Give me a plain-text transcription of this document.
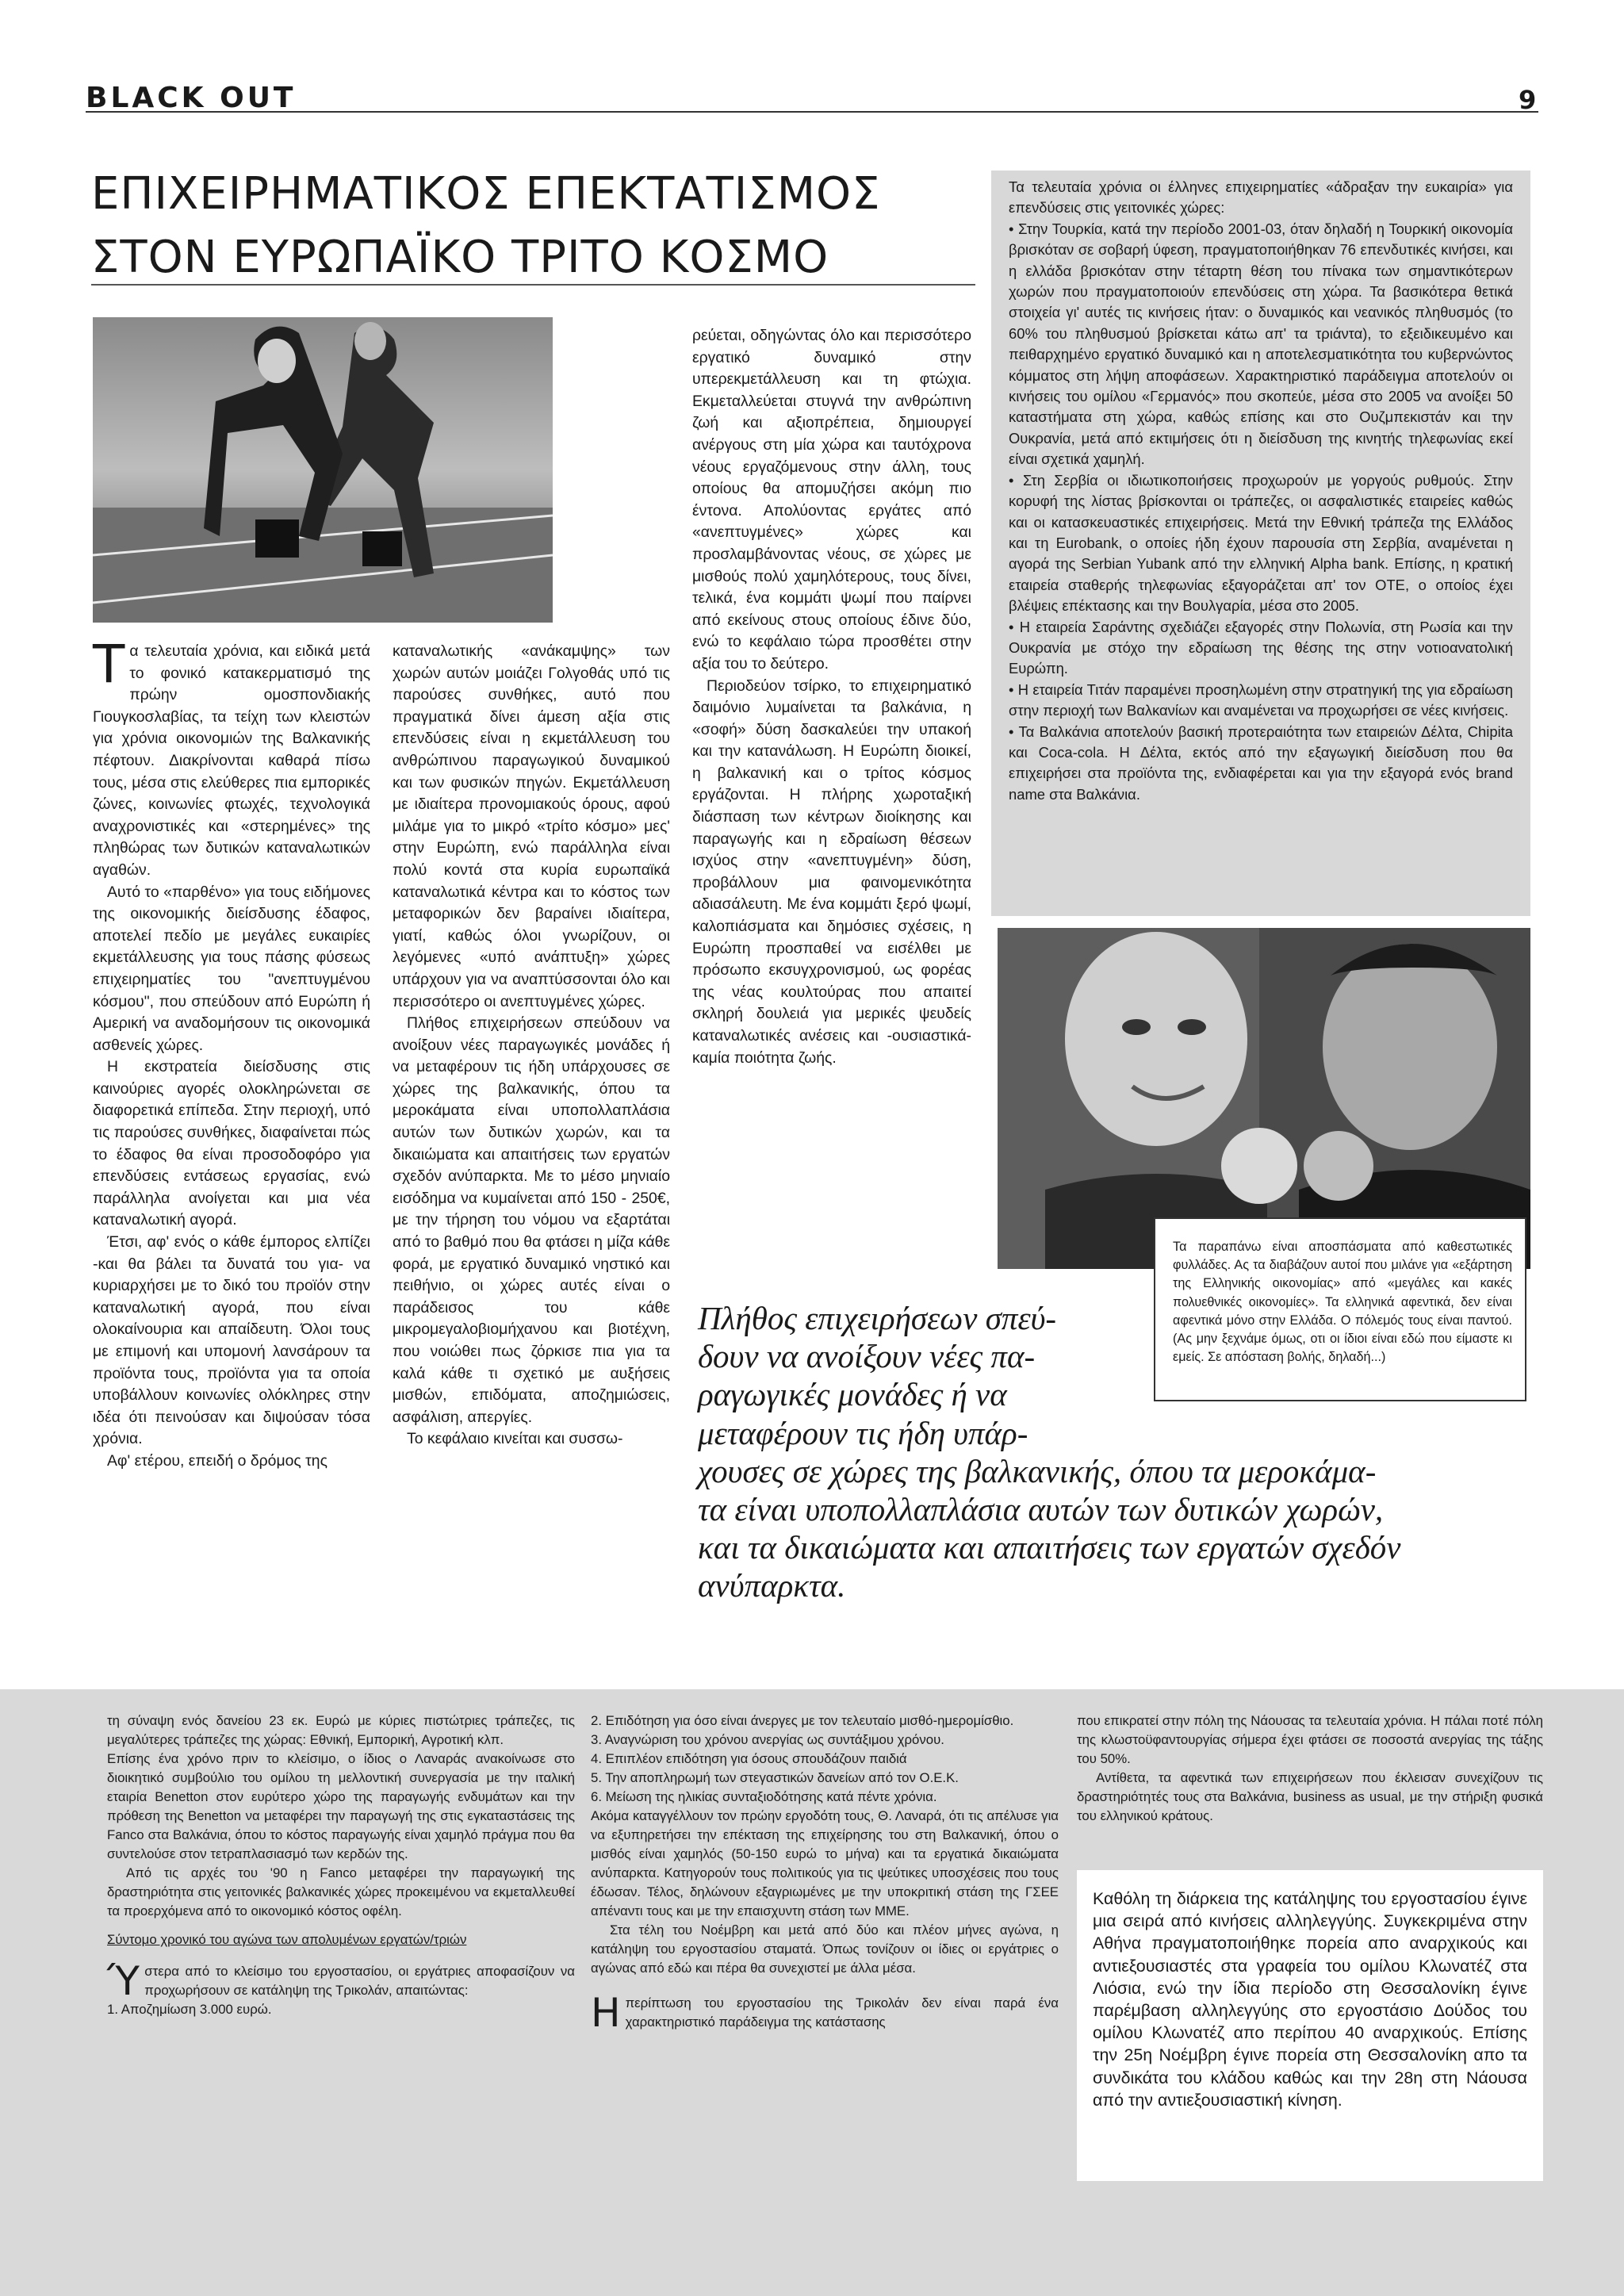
BLACK OUT	9
ΕΠΙΧΕΙΡΗΜΑΤΙΚΟΣ ΕΠΕΚΤΑΤΙΣΜΟΣ
ΣΤΟΝ ΕΥΡΩΠΑΪΚΟ ΤΡΙΤΟ ΚΟΣΜΟ

Τα τελευταία χρόνια, και ειδικά μετά το φονικό κατακερματισμό της πρώην ομοσπονδιακής Γιουγκοσλαβίας, τα τείχη των κλειστών για χρόνια οικονομιών της Βαλκανικής πέφτουν. Διακρίνονται καθαρά πίσω τους, μέσα στις ελεύθερες πια εμπορικές ζώνες, κοινωνίες φτωχές, τεχνολογικά αναχρονιστικές και «στερημένες» της πληθώρας των δυτικών καταναλωτικών αγαθών.

Αυτό το «παρθένο» για τους ειδήμονες της οικονομικής διείσδυσης έδαφος, αποτελεί πεδίο με μεγάλες ευκαιρίες εκμετάλλευσης για τους πάσης φύσεως επιχειρηματίες του "ανεπτυγμένου κόσμου", που σπεύδουν από Ευρώπη ή Αμερική να αναδομήσουν τις οικονομικά ασθενείς χώρες.

Η εκστρατεία διείσδυσης στις καινούριες αγορές ολοκληρώνεται σε διαφορετικά επίπεδα. Στην περιοχή, υπό τις παρούσες συνθήκες, διαφαίνεται πώς το έδαφος θα είναι προσοδοφόρο για επενδύσεις εντάσεως εργασίας, ενώ παράλληλα ανοίγεται και μια νέα καταναλωτική αγορά.

Έτσι, αφ' ενός ο κάθε έμπορος ελπίζει -και θα βάλει τα δυνατά του για- να κυριαρχήσει με το δικό του προϊόν στην καταναλωτική αγορά, που είναι ολοκαίνουρια και απαίδευτη. Όλοι τους με επιμονή και υπομονή λανσάρουν τα προϊόντα τους, προϊόντα για τα οποία υποβάλλουν κοινωνίες ολόκληρες στην ιδέα ότι πεινούσαν και διψούσαν τόσα χρόνια.

Αφ' ετέρου, επειδή ο δρόμος της

καταναλωτικής «ανάκαμψης» των χωρών αυτών μοιάζει Γολγοθάς υπό τις παρούσες συνθήκες, αυτό που πραγματικά δίνει άμεση αξία στις επενδύσεις είναι η εκμετάλλευση του ανθρώπινου παραγωγικού δυναμικού και των φυσικών πηγών. Εκμετάλλευση με ιδιαίτερα προνομιακούς όρους, αφού μιλάμε για το μικρό «τρίτο κόσμο» μες' στην Ευρώπη, ενώ παράλληλα είναι πολύ κοντά στα κυρία ευρωπαϊκά καταναλωτικά κέντρα και το κόστος των μεταφορικών δεν βαραίνει ιδιαίτερα, γιατί, καθώς όλοι γνωρίζουν, οι λεγόμενες «υπό ανάπτυξη» χώρες υπάρχουν για να αναπτύσσονται όλο και περισσότερο οι ανεπτυγμένες χώρες.

Πλήθος επιχειρήσεων σπεύδουν να ανοίξουν νέες παραγωγικές μονάδες ή να μεταφέρουν τις ήδη υπάρχουσες σε χώρες της βαλκανικής, όπου τα μεροκάματα είναι υποπολλαπλάσια αυτών των δυτικών χωρών, και τα δικαιώματα και απαιτήσεις των εργατών σχεδόν ανύπαρκτα. Με το μέσο μηνιαίο εισόδημα να κυμαίνεται από 150 - 250€, με την τήρηση του νόμου να εξαρτάται από το βαθμό που θα φτάσει η μίζα κάθε φορά, με εργατικό δυναμικό νηστικό και πειθήνιο, οι χώρες αυτές είναι ο παράδεισος του κάθε μικρομεγαλοβιομήχανου και βιοτέχνη, που νοιώθει πως ζόρκισε πια για τα καλά κάθε τι σχετικό με αυξήσεις μισθών, επιδόματα, αποζημιώσεις, ασφάλιση, απεργίες.

Το κεφάλαιο κινείται και συσσω-

ρεύεται, οδηγώντας όλο και περισσότερο εργατικό δυναμικό στην υπερεκμετάλλευση και τη φτώχια. Εκμεταλλεύεται στυγνά την ανθρώπινη ζωή και αξιοπρέπεια, δημιουργεί ανέργους στη μία χώρα και ταυτόχρονα νέους εργαζόμενους στην άλλη, τους οποίους θα απομυζήσει ακόμη πιο έντονα. Απολύοντας εργάτες από «ανεπτυγμένες» χώρες και προσλαμβάνοντας νέους, σε χώρες με μισθούς πολύ χαμηλότερους, τους δίνει, τελικά, ένα κομμάτι ψωμί που παίρνει από εκείνους στους οποίους έδινε δύο, ενώ το κεφάλαιο τώρα προσθέτει στην αξία του το δεύτερο.

Περιοδεύον τσίρκο, το επιχειρηματικό δαιμόνιο λυμαίνεται τα βαλκάνια, η «σοφή» δύση δασκαλεύει την υπακοή και την κατανάλωση. Η Ευρώπη διοικεί, η βαλκανική και ο τρίτος κόσμος εργάζονται. Η πλήρης χωροταξική διάσπαση των κέντρων διοίκησης και παραγωγής και η εδραίωση θέσεων ισχύος στην «ανεπτυγμένη» δύση, προβάλλουν μια φαινομενικότητα αδιασάλευτη. Με ένα κομμάτι ξερό ψωμί, καλοπιάσματα και δημόσιες σχέσεις, η Ευρώπη προσπαθεί να εισέλθει με πρόσωπο εκσυγχρονισμού, ως φορέας της νέας κουλτούρας που απαιτεί σκληρή δουλειά για μερικές ψευδείς καταναλωτικές ανέσεις και -ουσιαστικά- καμία ποιότητα ζωής.

Τα τελευταία χρόνια οι έλληνες επιχειρηματίες «άδραξαν την ευκαιρία» για επενδύσεις στις γειτονικές χώρες:

• Στην Τουρκία, κατά την περίοδο 2001-03, όταν δηλαδή η Τουρκική οικονομία βρισκόταν σε σοβαρή ύφεση, πραγματοποιήθηκαν 76 επενδυτικές κινήσει, και η ελλάδα βρισκόταν στην τέταρτη θέση του πίνακα των σημαντικότερων χωρών που πραγματοποιούν επενδύσεις στη χώρα. Τα βασικότερα θετικά στοιχεία γι' αυτές τις κινήσεις ήταν: ο δυναμικός και νεανικός πληθυσμός (το 60% του πληθυσμού βρίσκεται κάτω απ' τα τριάντα), το εξειδικευμένο και πειθαρχημένο εργατικό δυναμικό και η αποτελεσματικότητα του κυβερνώντος κόμματος στη λήψη αποφάσεων. Χαρακτηριστικό παράδειγμα αποτελούν οι κινήσεις του ομίλου «Γερμανός» που σκοπεύε, μέσα στο 2005 να ανοίξει 50 καταστήματα στη χώρα, καθώς επίσης και στο Ουζμπεκιστάν και την Ουκρανία, μετά από εκτιμήσεις ότι η διείσδυση της κινητής τηλεφωνίας εκεί είναι σχετικά χαμηλή.

• Στη Σερβία οι ιδιωτικοποιήσεις προχωρούν με γοργούς ρυθμούς. Στην κορυφή της λίστας βρίσκονται οι τράπεζες, οι ασφαλιστικές εταιρείες καθώς και οι κατασκευαστικές επιχειρήσεις. Μετά την Εθνική τράπεζα της Ελλάδος και τη Eurobank, ο οποίες ήδη έχουν παρουσία στη Σερβία, αναμένεται η αγορά της Serbian Yubank από την ελληνική Alpha bank. Επίσης, η κρατική εταιρεία σταθερής τηλεφωνίας εξαγοράζεται απ' τον ΟΤΕ, ο οποίος έχει βλέψεις επέκτασης και την Βουλγαρία, μέσα στο 2005.

• Η εταιρεία Σαράντης σχεδιάζει εξαγορές στην Πολωνία, στη Ρωσία και την Ουκρανία με στόχο την εδραίωση της θέσης της στην νοτιοανατολική Ευρώπη.

• Η εταιρεία Τιτάν παραμένει προσηλωμένη στην στρατηγική της για εδραίωση στην περιοχή των Βαλκανίων και αναμένεται να προχωρήσει σε νέες κινήσεις.

• Τα Βαλκάνια αποτελούν βασική προτεραιότητα των εταιρειών Δέλτα, Chipita και Coca-cola. Η Δέλτα, εκτός από την εξαγωγική διείσδυση που θα επιχειρήσει στα προϊόντα της, ενδιαφέρεται και για την εξαγορά ενός brand name στα Βαλκάνια.

Τα παραπάνω είναι αποσπάσματα από καθεστωτικές φυλλάδες. Ας τα διαβάζουν αυτοί που μιλάνε για «εξάρτηση της Ελληνικής οικονομίας» από «μεγάλες και κακές πολυεθνικές οικονομίες». Τα ελληνικά αφεντικά, δεν είναι αφεντικά μόνο στην Ελλάδα. Ο πόλεμός τους είναι παντού. (Ας μην ξεχνάμε όμως, οτι οι ίδιοι είναι εδώ που είμαστε κι εμείς. Σε απόσταση βολής, δηλαδή...)
Πλήθος επιχειρήσεων σπεύ-
δουν να ανοίξουν νέες πα-
ραγωγικές μονάδες ή να
μεταφέρουν τις ήδη υπάρ-
χουσες σε χώρες της βαλκανικής, όπου τα μεροκάμα-
τα είναι υποπολλαπλάσια αυτών των δυτικών χωρών,
και τα δικαιώματα και απαιτήσεις των εργατών σχεδόν
ανύπαρκτα.

τη σύναψη ενός δανείου 23 εκ. Ευρώ με κύριες πιστώτριες τράπεζες, τις μεγαλύτερες τράπεζες της χώρας: Εθνική, Εμπορική, Αγροτική κλπ.

Επίσης ένα χρόνο πριν το κλείσιμο, ο ίδιος ο Λαναράς ανακοίνωσε στο διοικητικό συμβούλιο του ομίλου τη μελλοντική συνεργασία με την ιταλική εταιρία Benetton στον ευρύτερο χώρο της παραγωγής ενδυμάτων και την πρόθεση της Benetton να μεταφέρει την παραγωγή της στις εγκαταστάσεις της Fanco στα Βαλκάνια, όπου το κόστος παραγωγής είναι χαμηλό πράγμα που θα συντελούσε στον τετραπλασιασμό των κερδών της.

Από τις αρχές του '90 η Fanco μεταφέρει την παραγωγική της δραστηριότητα στις γειτονικές βαλκανικές χώρες προκειμένου να εκμεταλλευθεί τα προερχόμενα από το οικονομικό κόστος οφέλη.

Σύντομο χρονικό του αγώνα των απολυμένων εργατών/τριών

Ύστερα από το κλείσιμο του εργοστασίου, οι εργάτριες αποφασίζουν να προχωρήσουν σε κατάληψη της Τρικολάν, απαιτώντας:

1. Αποζημίωση 3.000 ευρώ.

2. Επιδότηση για όσο είναι άνεργες με τον τελευταίο μισθό-ημερομίσθιο.

3. Αναγνώριση του χρόνου ανεργίας ως συντάξιμου χρόνου.

4. Επιπλέον επιδότηση για όσους σπουδάζουν παιδιά

5. Την αποπληρωμή των στεγαστικών δανείων από τον Ο.Ε.Κ.

6. Μείωση της ηλικίας συνταξιοδότησης κατά πέντε χρόνια.

Ακόμα καταγγέλλουν τον πρώην εργοδότη τους, Θ. Λαναρά, ότι τις απέλυσε για να εξυπηρετήσει την επέκταση της επιχείρησης του στη Βαλκανική, όπου ο μισθός είναι χαμηλός (50-150 ευρώ το μήνα) και τα εργατικά δικαιώματα ανύπαρκτα. Κατηγορούν τους πολιτικούς για τις ψεύτικες υποσχέσεις που τους έδωσαν. Τέλος, δηλώνουν εξαγριωμένες με την υποκριτική στάση της ΓΣΕΕ απέναντι τους και με την επαισχυντη στάση των ΜΜΕ.

Στα τέλη του Νοέμβρη και μετά από δύο και πλέον μήνες αγώνα, η κατάληψη του εργοστασίου σταματά. Όπως τονίζουν οι ίδιες οι εργάτριες ο αγώνας από εδώ και πέρα θα συνεχιστεί με άλλα μέσα.

Ηπερίπτωση του εργοστασίου της Τρικολάν δεν είναι παρά ένα χαρακτηριστικό παράδειγμα της κατάστασης

που επικρατεί στην πόλη της Νάουσας τα τελευταία χρόνια. Η πάλαι ποτέ πόλη της κλωστοϋφαντουργίας σήμερα έχει φτάσει σε ποσοστά ανεργίας της τάξης του 50%.

Αντίθετα, τα αφεντικά των επιχειρήσεων που έκλεισαν συνεχίζουν τις δραστηριότητές τους στα Βαλκάνια, business as usual, με την στήριξη φυσικά του ελληνικού κράτους.

Καθόλη τη διάρκεια της κατάληψης του εργοστασίου έγινε μια σειρά από κινήσεις αλληλεγγύης. Συγκεκριμένα στην Αθήνα πραγματοποιήθηκε πορεία απο αναρχικούς και αντιεξουσιαστές στα γραφεία του ομίλου Κλωνατέζ στα Λιόσια, ενώ την ίδια περίοδο στη Θεσσαλονίκη έγινε παρέμβαση αλληλεγγύης στο εργοστάσιο Δούδος του ομίλου Κλωνατέζ απο περίπου 40 αναρχικούς. Επίσης την 25η Νοέμβρη έγινε πορεία στη Θεσσαλονίκη απο τα συνδικάτα του κλάδου καθώς και την 28η στη Νάουσα από την αντιεξουσιαστική κίνηση.
